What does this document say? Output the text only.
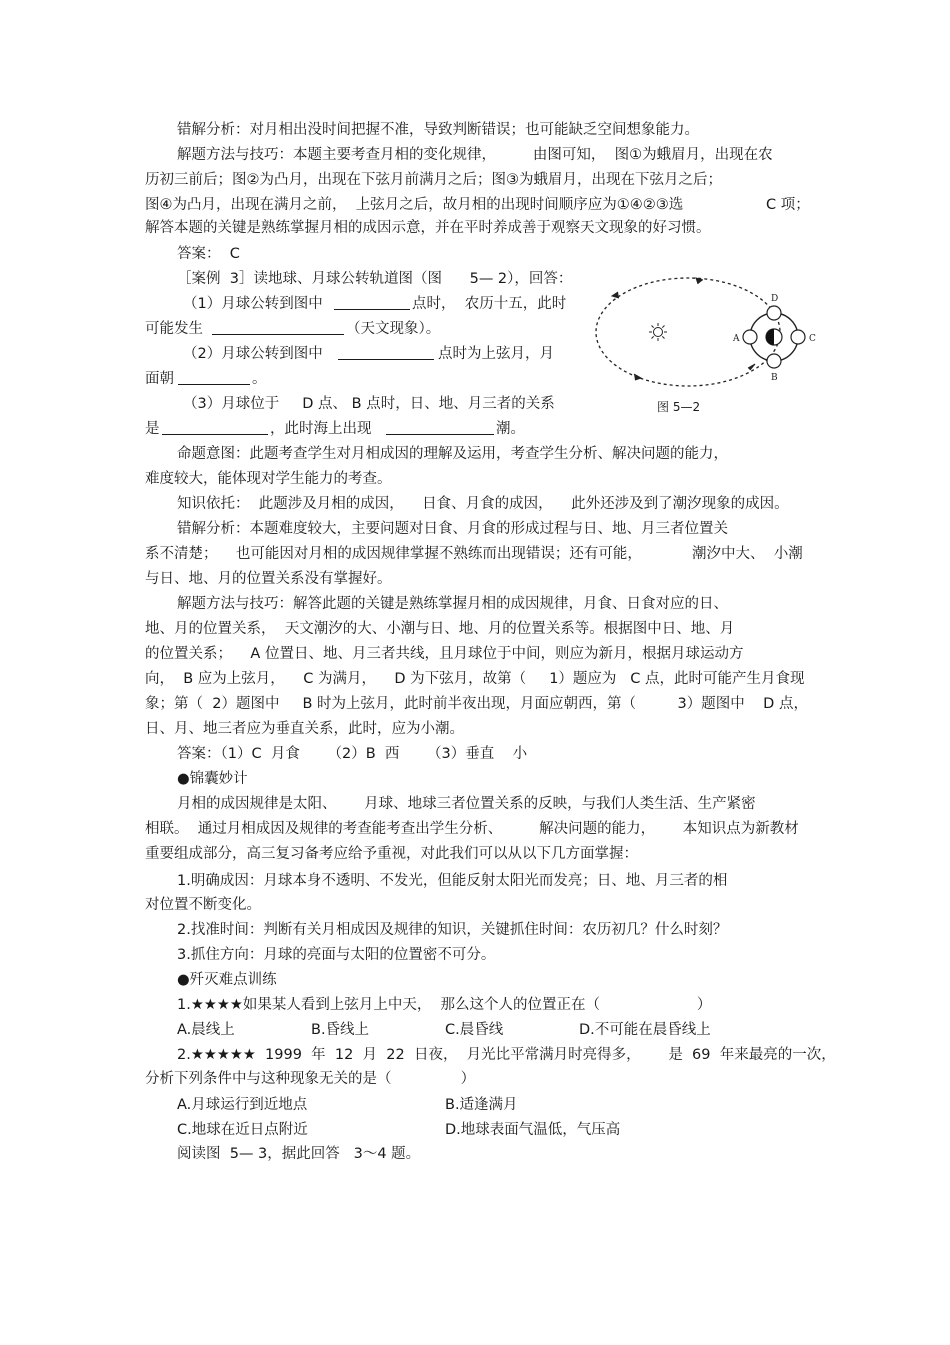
错解分析：对月相出没时间把握不准，导致判断错误；也可能缺乏空间想象能力。

解题方法与技巧：本题主要考查月相的变化规律，        由图可知，  图①为蛾眉月，出现在农

历初三前后；图②为凸月，出现在下弦月前满月之后；图③为蛾眉月，出现在下弦月之后；

图④为凸月，出现在满月之前，  上弦月之后，故月相的出现时间顺序应为①④②③选	C 项；

解答本题的关键是熟练掌握月相的成因示意，并在平时养成善于观察天文现象的好习惯。

答案：  C

［案例  3］读地球、月球公转轨道图（图      5— 2），回答：

（1）月球公转到图中	点时，  农历十五，此时

可能发生	（天文现象）。

（2）月球公转到图中	点时为上弦月，月

面朝	。

（3）月球位于     D 点、 B 点时，日、地、月三者的关系

是	，此时海上出现	潮。

命题意图：此题考查学生对月相成因的理解及运用，考查学生分析、解决问题的能力，

难度较大，能体现对学生能力的考查。

知识依托：  此题涉及月相的成因，    日食、月食的成因，    此外还涉及到了潮汐现象的成因。

错解分析：本题难度较大，主要问题对日食、月食的形成过程与日、地、月三者位置关

系不清楚；    也可能因对月相的成因规律掌握不熟练而出现错误；还有可能，	潮汐中大、  小潮

与日、地、月的位置关系没有掌握好。

解题方法与技巧：解答此题的关键是熟练掌握月相的成因规律，月食、日食对应的日、

地、月的位置关系，  天文潮汐的大、小潮与日、地、月的位置关系等。根据图中日、地、月

的位置关系；    A 位置日、地、月三者共线，且月球位于中间，则应为新月，根据月球运动方

向，  B 应为上弦月，    C 为满月，    D 为下弦月，故第（     1）题应为   C 点，此时可能产生月食现

象；第（  2）题图中     B 时为上弦月，此时前半夜出现，月面应朝西，第（         3）题图中    D 点，

日、月、地三者应为垂直关系，此时，应为小潮。

答案：（1）C  月食      （2）B  西      （3）垂直    小

●锦囊妙计

月相的成因规律是太阳、      月球、地球三者位置关系的反映，与我们人类生活、生产紧密

相联。  通过月相成因及规律的考查能考查出学生分析、        解决问题的能力，      本知识点为新教材

重要组成部分，高三复习备考应给予重视，对此我们可以从以下几方面掌握：

1.明确成因：月球本身不透明、不发光，但能反射太阳光而发亮；日、地、月三者的相

对位置不断变化。

2.找准时间：判断有关月相成因及规律的知识，关键抓住时间：农历初几？什么时刻？

3.抓住方向：月球的亮面与太阳的位置密不可分。

●歼灭难点训练

1.★★★★如果某人看到上弦月上中天，  那么这个人的位置正在（                     ）

A.晨线上	B.昏线上	C.晨昏线	D.不可能在晨昏线上

2.★★★★★  1999  年  12  月  22  日夜，  月光比平常满月时亮得多，      是  69  年来最亮的一次，

分析下列条件中与这种现象无关的是（               ）

A.月球运行到近地点	B.适逢满月

C.地球在近日点附近	D.地球表面气温低，气压高

阅读图  5— 3，据此回答   3～4 题。

A
B
C
D
图 5—2
